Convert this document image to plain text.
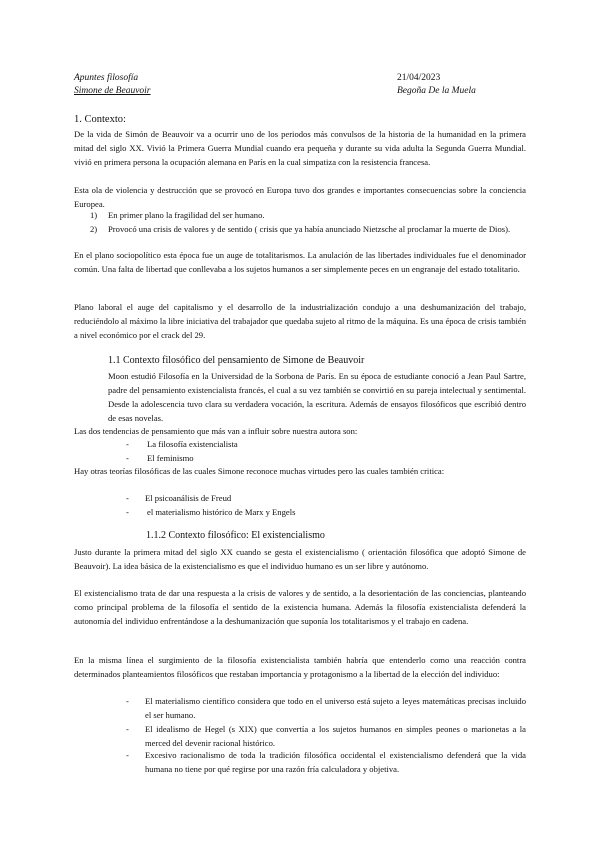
Apuntes filosofía
Simone de Beauvoir
21/04/2023
Begoña De la Muela
1. Contexto:

De la vida de Simón de Beauvoir va a ocurrir uno de los periodos más convulsos de la historia de la humanidad en la primera mitad del siglo XX. Vivió la Primera Guerra Mundial cuando era pequeña y durante su vida adulta la Segunda Guerra Mundial. vivió en primera persona la ocupación alemana en París en la cual simpatiza con la resistencia francesa.

Esta ola de violencia y destrucción que se provocó en Europa tuvo dos grandes e importantes consecuencias sobre la conciencia Europea.

1) En primer plano la fragilidad del ser humano.
2) Provocó una crisis de valores y de sentido ( crisis que ya había anunciado Nietzsche al proclamar la muerte de Dios).

En el plano sociopolítico esta época fue un auge de totalitarismos. La anulación de las libertades individuales fue el denominador común. Una falta de libertad que conllevaba a los sujetos humanos a ser simplemente peces en un engranaje del estado totalitario.

Plano laboral el auge del capitalismo y el desarrollo de la industrialización condujo a una deshumanización del trabajo, reduciéndolo al máximo la libre iniciativa del trabajador que quedaba sujeto al ritmo de la máquina. Es una época de crisis también a nivel económico por el crack del 29.

1.1 Contexto filosófico del pensamiento de Simone de Beauvoir

Moon estudió Filosofía en la Universidad de la Sorbona de París. En su época de estudiante conoció a Jean Paul Sartre, padre del pensamiento existencialista francés, el cual a su vez también se convirtió en su pareja intelectual y sentimental. Desde la adolescencia tuvo clara su verdadera vocación, la escritura. Además de ensayos filosóficos que escribió dentro de esas novelas.

Las dos tendencias de pensamiento que más van a influir sobre nuestra autora son:

- La filosofía existencialista
- El feminismo

Hay otras teorías filosóficas de las cuales Simone reconoce muchas virtudes pero las cuales también critica:

- El psicoanálisis de Freud
- el materialismo histórico de Marx y Engels
1.1.2 Contexto filosófico: El existencialismo

Justo durante la primera mitad del siglo XX cuando se gesta el existencialismo ( orientación filosófica que adoptó Simone de Beauvoir). La idea básica de la existencialismo es que el individuo humano es un ser libre y autónomo.

El existencialismo trata de dar una respuesta a la crisis de valores y de sentido, a la desorientación de las conciencias, planteando como principal problema de la filosofía el sentido de la existencia humana. Además la filosofía existencialista defenderá la autonomía del individuo enfrentándose a la deshumanización que suponía los totalitarismos y el trabajo en cadena.

En la misma línea el surgimiento de la filosofía existencialista también habría que entenderlo como una reacción contra determinados planteamientos filosóficos que restaban importancia y protagonismo a la libertad de la elección del individuo:

- El materialismo científico considera que todo en el universo está sujeto a leyes matemáticas precisas incluido el ser humano.
- El idealismo de Hegel (s XIX) que convertía a los sujetos humanos en simples peones o marionetas a la merced del devenir racional histórico.
- Excesivo racionalismo de toda la tradición filosófica occidental el existencialismo defenderá que la vida humana no tiene por qué regirse por una razón fría calculadora y objetiva.
